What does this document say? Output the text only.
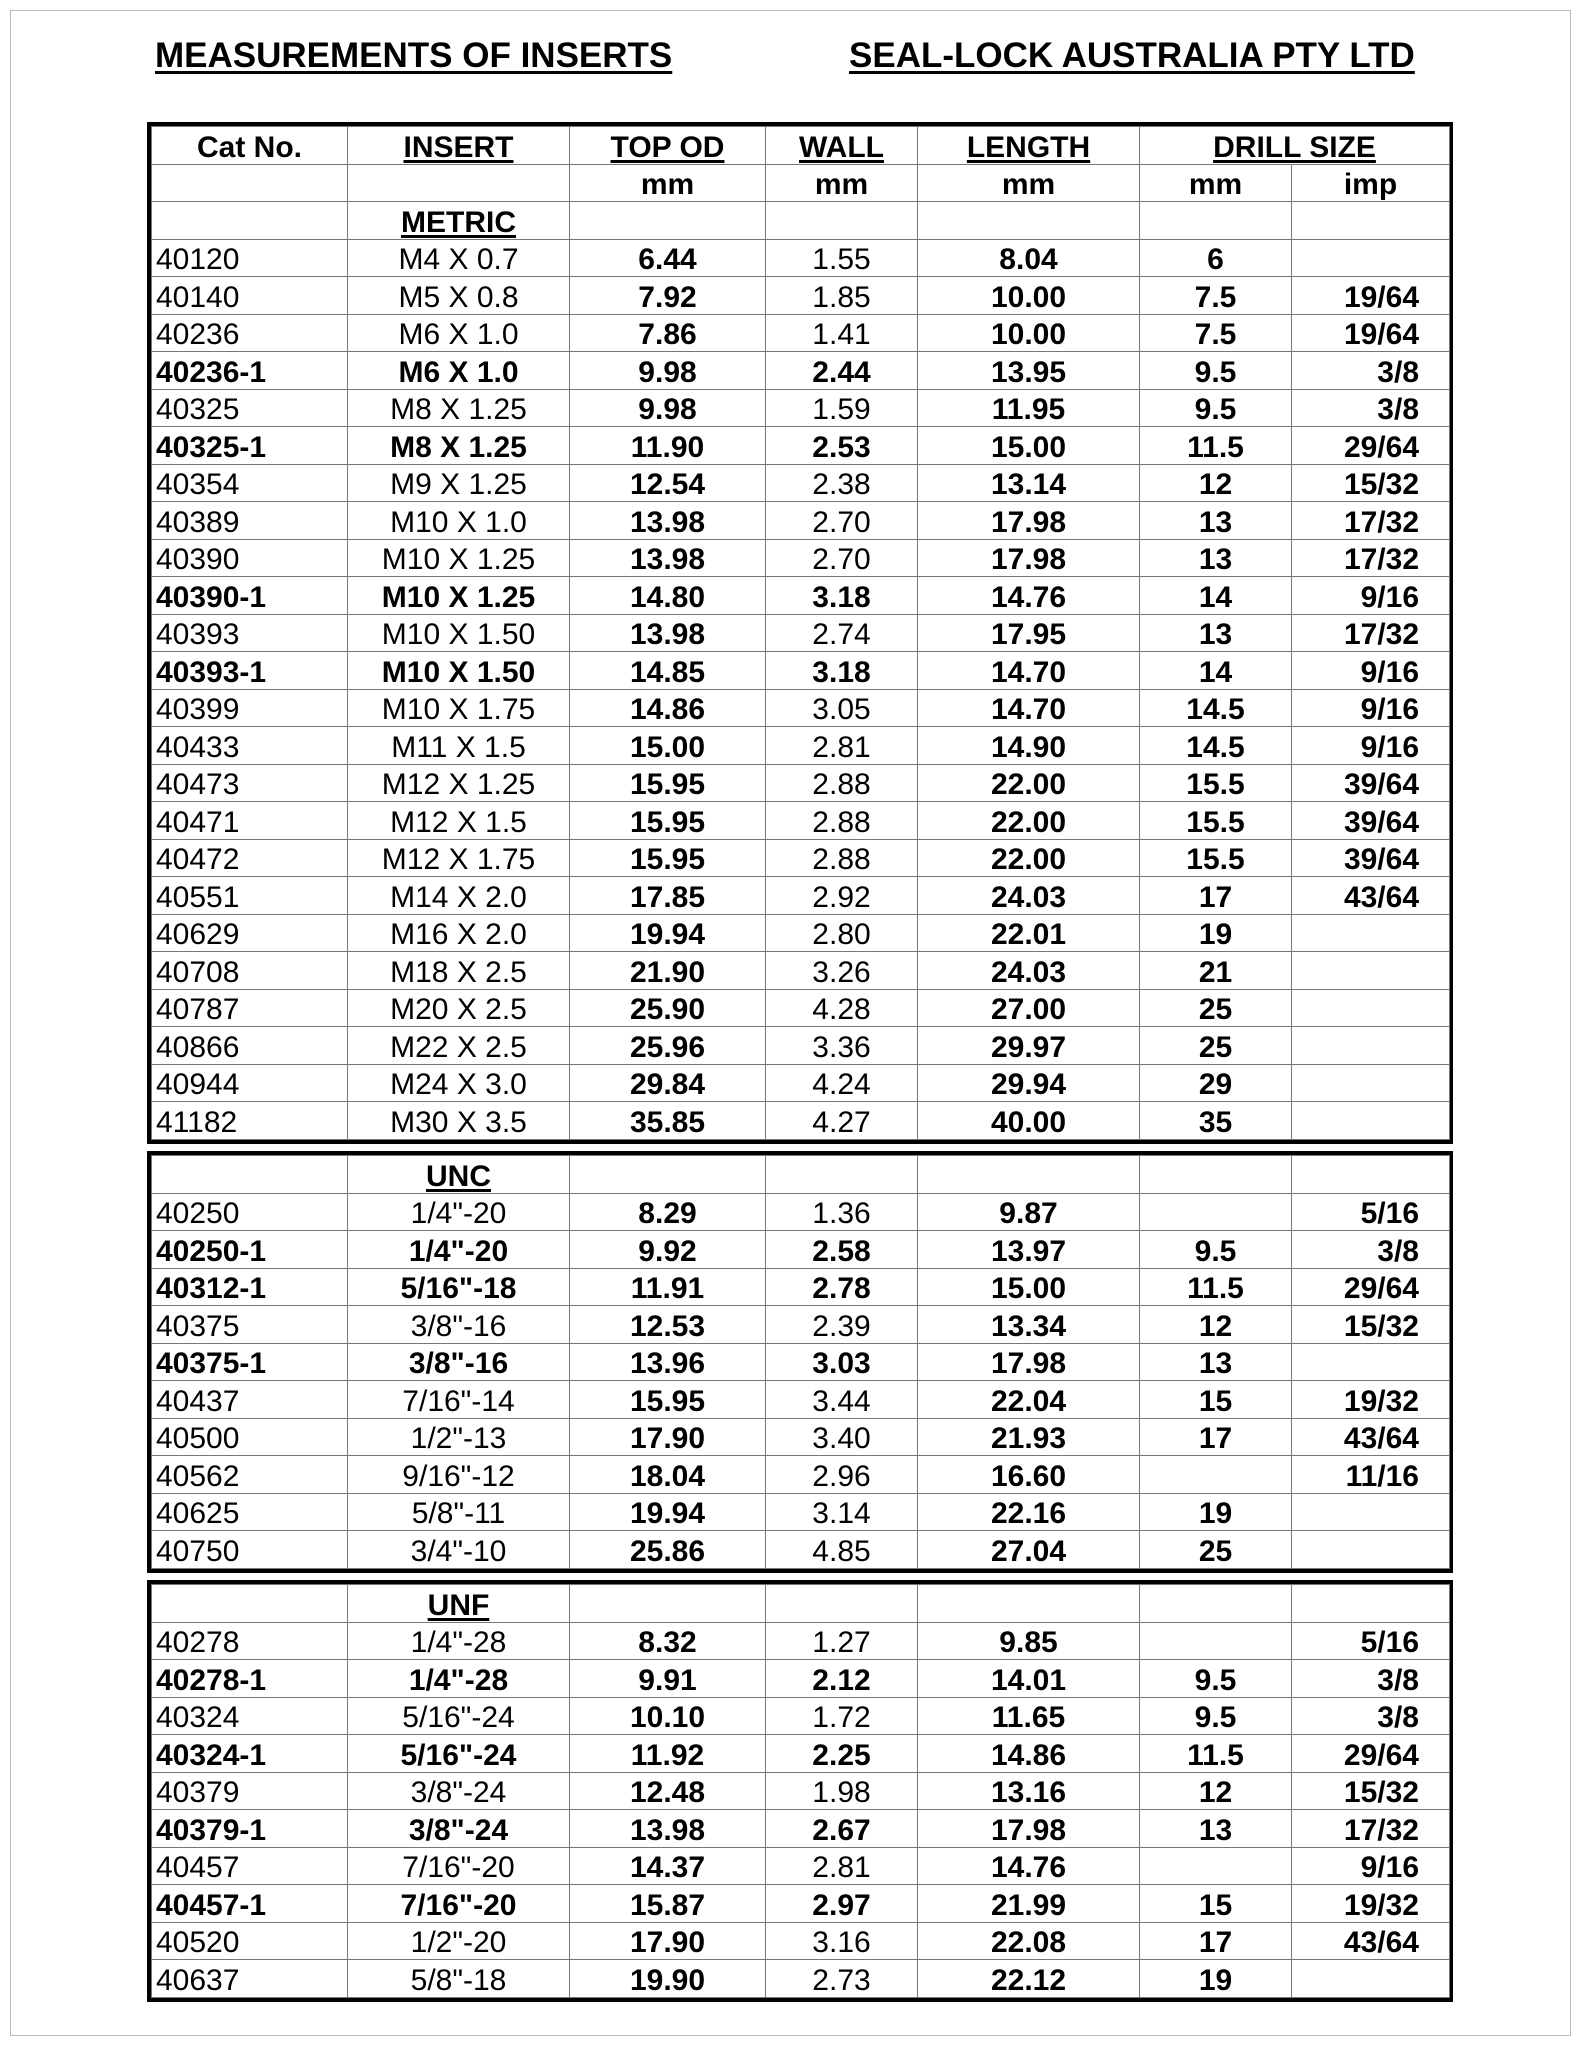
MEASUREMENTS OF INSERTS	SEAL-LOCK AUSTRALIA PTY LTD
Cat No.	INSERT	TOP OD	WALL	LENGTH	DRILL SIZE	
		mm	mm	mm	mm	imp
	METRIC					
40120	M4 X 0.7	6.44	1.55	8.04	6	
40140	M5 X 0.8	7.92	1.85	10.00	7.5	19/64
40236	M6 X 1.0	7.86	1.41	10.00	7.5	19/64
40236-1	M6 X 1.0	9.98	2.44	13.95	9.5	3/8
40325	M8 X 1.25	9.98	1.59	11.95	9.5	3/8
40325-1	M8 X 1.25	11.90	2.53	15.00	11.5	29/64
40354	M9 X 1.25	12.54	2.38	13.14	12	15/32
40389	M10 X 1.0	13.98	2.70	17.98	13	17/32
40390	M10 X 1.25	13.98	2.70	17.98	13	17/32
40390-1	M10 X 1.25	14.80	3.18	14.76	14	9/16
40393	M10 X 1.50	13.98	2.74	17.95	13	17/32
40393-1	M10 X 1.50	14.85	3.18	14.70	14	9/16
40399	M10 X 1.75	14.86	3.05	14.70	14.5	9/16
40433	M11 X 1.5	15.00	2.81	14.90	14.5	9/16
40473	M12 X 1.25	15.95	2.88	22.00	15.5	39/64
40471	M12 X 1.5	15.95	2.88	22.00	15.5	39/64
40472	M12 X 1.75	15.95	2.88	22.00	15.5	39/64
40551	M14 X 2.0	17.85	2.92	24.03	17	43/64
40629	M16 X 2.0	19.94	2.80	22.01	19	
40708	M18 X 2.5	21.90	3.26	24.03	21	
40787	M20 X 2.5	25.90	4.28	27.00	25	
40866	M22 X 2.5	25.96	3.36	29.97	25	
40944	M24 X 3.0	29.84	4.24	29.94	29	
41182	M30 X 3.5	35.85	4.27	40.00	35	
	UNC					
40250	1/4"-20	8.29	1.36	9.87		5/16
40250-1	1/4"-20	9.92	2.58	13.97	9.5	3/8
40312-1	5/16"-18	11.91	2.78	15.00	11.5	29/64
40375	3/8"-16	12.53	2.39	13.34	12	15/32
40375-1	3/8"-16	13.96	3.03	17.98	13	
40437	7/16"-14	15.95	3.44	22.04	15	19/32
40500	1/2"-13	17.90	3.40	21.93	17	43/64
40562	9/16"-12	18.04	2.96	16.60		11/16
40625	5/8"-11	19.94	3.14	22.16	19	
40750	3/4"-10	25.86	4.85	27.04	25	
	UNF					
40278	1/4"-28	8.32	1.27	9.85		5/16
40278-1	1/4"-28	9.91	2.12	14.01	9.5	3/8
40324	5/16"-24	10.10	1.72	11.65	9.5	3/8
40324-1	5/16"-24	11.92	2.25	14.86	11.5	29/64
40379	3/8"-24	12.48	1.98	13.16	12	15/32
40379-1	3/8"-24	13.98	2.67	17.98	13	17/32
40457	7/16"-20	14.37	2.81	14.76		9/16
40457-1	7/16"-20	15.87	2.97	21.99	15	19/32
40520	1/2"-20	17.90	3.16	22.08	17	43/64
40637	5/8"-18	19.90	2.73	22.12	19	
